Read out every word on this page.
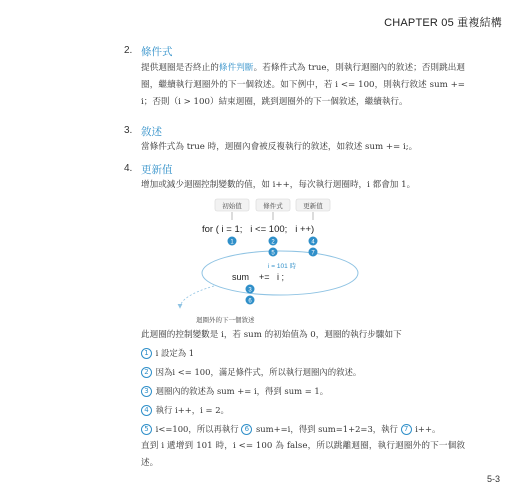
CHAPTER 05 重複結構
2. 條件式
提供迴圈是否終止的條件判斷。若條件式為 true，則執行迴圈內的敘述；否則跳出迴圈，繼續執行迴圈外的下一個敘述。如下例中，若 i <= 100，則執行敘述 sum += i；否則（i > 100）結束迴圈，跳到迴圈外的下一個敘述，繼續執行。
3. 敘述
當條件式為 true 時，迴圈內會被反複執行的敘述，如敘述 sum += i;。
4. 更新值
增加或減少迴圈控制變數的值，如 i++，每次執行迴圈時，i 都會加 1。
初始值	條件式	更新值
for ( i = 1;   i <= 100;   i ++)
i = 101 時
sum    +=   i ;
1	2
5
4
7
3
6
迴圈外的下一個敘述
此迴圈的控制變數是 i，若 sum 的初始值為 0，迴圈的執行步驟如下
1 i 設定為 1
2 因為i <= 100，滿足條件式，所以執行迴圈內的敘述。
3 迴圈內的敘述為 sum += i，得到 sum = 1。
4 執行 i++，i = 2。
5 i<=100，所以再執行 6 sum+=i，得到 sum=1+2=3，執行 7 i++。
直到 i 遞增到 101 時，i <= 100 為 false，所以跳離迴圈，執行迴圈外的下一個敘述。
5-3
